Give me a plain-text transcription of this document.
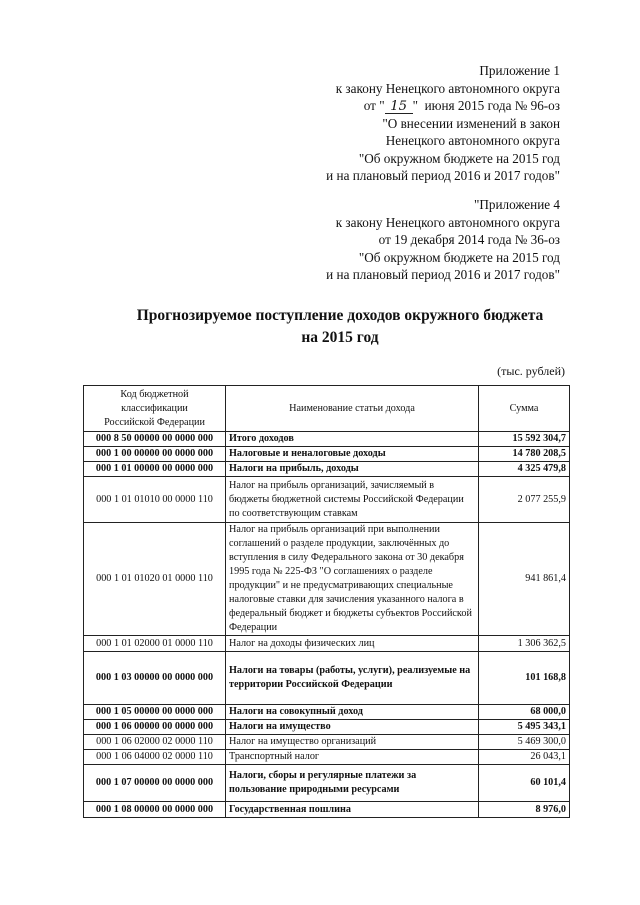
Приложение 1
к закону Ненецкого автономного округа
от " 15 "  июня 2015 года № 96-оз
"О внесении изменений в закон
Ненецкого автономного округа
"Об окружном бюджете на 2015 год
и на плановый период 2016 и 2017 годов"
"Приложение 4
к закону Ненецкого автономного округа
от 19 декабря 2014 года № 36-оз
"Об окружном бюджете на 2015 год
и на плановый период 2016 и 2017 годов"
Прогнозируемое поступление доходов окружного бюджета
на 2015 год
(тыс. рублей)
Код бюджетной классификации Российской Федерации	Наименование статьи дохода	Сумма
000 8 50 00000 00 0000 000	Итого доходов	15 592 304,7
000 1 00 00000 00 0000 000	Налоговые и неналоговые доходы	14 780 208,5
000 1 01 00000 00 0000 000	Налоги на прибыль, доходы	4 325 479,8
000 1 01 01010 00 0000 110	Налог на прибыль организаций, зачисляемый в бюджеты бюджетной системы Российской Федерации по соответствующим ставкам	2 077 255,9
000 1 01 01020 01 0000 110	Налог на прибыль организаций при выполнении соглашений о разделе продукции, заключённых до вступления в силу Федерального закона от 30 декабря 1995 года № 225-ФЗ "О соглашениях о разделе продукции" и не предусматривающих специальные налоговые ставки для зачисления указанного налога в федеральный бюджет и бюджеты субъектов Российской Федерации	941 861,4
000 1 01 02000 01 0000 110	Налог на доходы физических лиц	1 306 362,5
000 1 03 00000 00 0000 000	Налоги на товары (работы, услуги), реализуемые на территории Российской Федерации	101 168,8
000 1 05 00000 00 0000 000	Налоги на совокупный доход	68 000,0
000 1 06 00000 00 0000 000	Налоги на имущество	5 495 343,1
000 1 06 02000 02 0000 110	Налог на имущество организаций	5 469 300,0
000 1 06 04000 02 0000 110	Транспортный налог	26 043,1
000 1 07 00000 00 0000 000	Налоги, сборы и регулярные платежи за пользование природными ресурсами	60 101,4
000 1 08 00000 00 0000 000	Государственная пошлина	8 976,0
